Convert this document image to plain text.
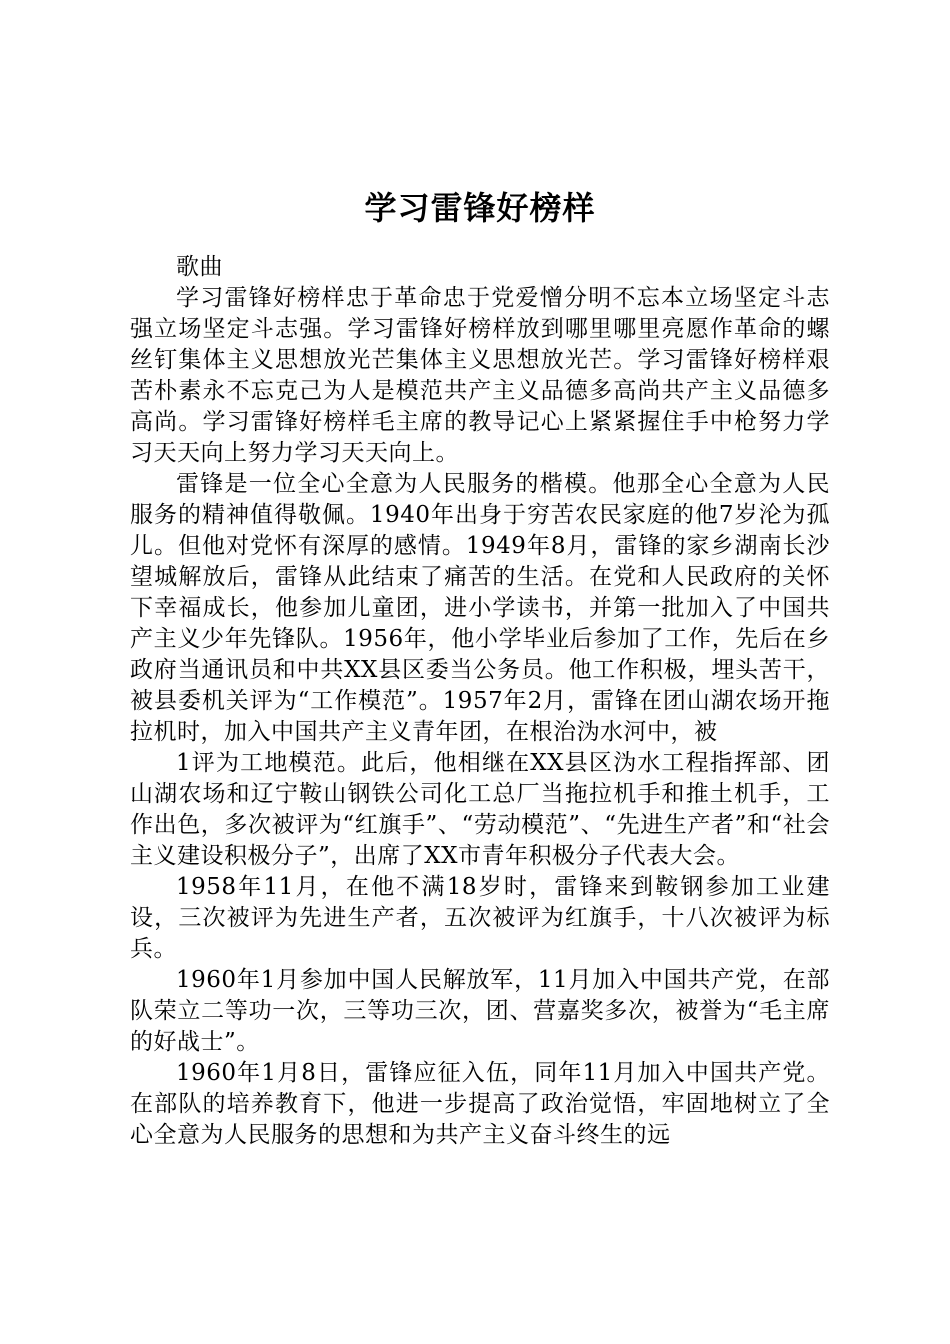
学习雷锋好榜样

歌曲

学习雷锋好榜样忠于革命忠于党爱憎分明不忘本立场坚定斗志强立场坚定斗志强。学习雷锋好榜样放到哪里哪里亮愿作革命的螺丝钉集体主义思想放光芒集体主义思想放光芒。学习雷锋好榜样艰苦朴素永不忘克己为人是模范共产主义品德多高尚共产主义品德多高尚。学习雷锋好榜样毛主席的教导记心上紧紧握住手中枪努力学习天天向上努力学习天天向上。

雷锋是一位全心全意为人民服务的楷模。他那全心全意为人民服务的精神值得敬佩。1940年出身于穷苦农民家庭的他7岁沦为孤儿。但他对党怀有深厚的感情。1949年8月，雷锋的家乡湖南长沙望城解放后，雷锋从此结束了痛苦的生活。在党和人民政府的关怀下幸福成长，他参加儿童团，进小学读书，并第一批加入了中国共产主义少年先锋队。1956年，他小学毕业后参加了工作，先后在乡政府当通讯员和中共XX县区委当公务员。他工作积极，埋头苦干，被县委机关评为“工作模范”。1957年2月，雷锋在团山湖农场开拖拉机时，加入中国共产主义青年团，在根治沩水河中，被

1评为工地模范。此后，他相继在XX县区沩水工程指挥部、团山湖农场和辽宁鞍山钢铁公司化工总厂当拖拉机手和推土机手，工作出色，多次被评为“红旗手”、“劳动模范”、“先进生产者”和“社会主义建设积极分子”，出席了XX市青年积极分子代表大会。

1958年11月，在他不满18岁时，雷锋来到鞍钢参加工业建设，三次被评为先进生产者，五次被评为红旗手，十八次被评为标兵。

1960年1月参加中国人民解放军，11月加入中国共产党，在部队荣立二等功一次，三等功三次，团、营嘉奖多次，被誉为“毛主席的好战士”。

1960年1月8日，雷锋应征入伍，同年11月加入中国共产党。在部队的培养教育下，他进一步提高了政治觉悟，牢固地树立了全心全意为人民服务的思想和为共产主义奋斗终生的远
